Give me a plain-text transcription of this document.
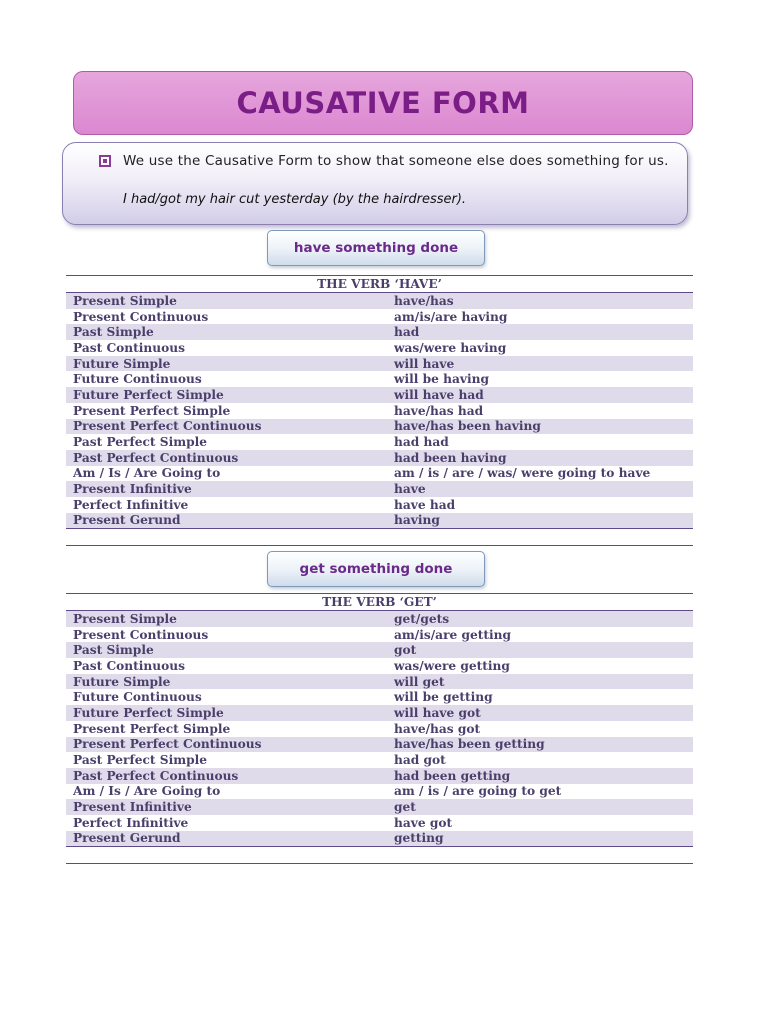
CAUSATIVE FORM
We use the Causative Form to show that someone else does something for us.
I had/got my hair cut yesterday (by the hairdresser).
have something done
THE VERB ‘HAVE’	
Present Simple	have/has
Present Continuous	am/is/are having
Past Simple	had
Past Continuous	was/were having
Future Simple	will have
Future Continuous	will be having
Future Perfect Simple	will have had
Present Perfect Simple	have/has had
Present Perfect Continuous	have/has been having
Past Perfect Simple	had had
Past Perfect Continuous	had been having
Am / Is / Are Going to	am / is / are / was/ were going to have
Present Infinitive	have
Perfect Infinitive	have had
Present Gerund	having
get something done
THE VERB ‘GET’	
Present Simple	get/gets
Present Continuous	am/is/are getting
Past Simple	got
Past Continuous	was/were getting
Future Simple	will get
Future Continuous	will be getting
Future Perfect Simple	will have got
Present Perfect Simple	have/has got
Present Perfect Continuous	have/has been getting
Past Perfect Simple	had got
Past Perfect Continuous	had been getting
Am / Is / Are Going to	am / is / are going to get
Present Infinitive	get
Perfect Infinitive	have got
Present Gerund	getting
